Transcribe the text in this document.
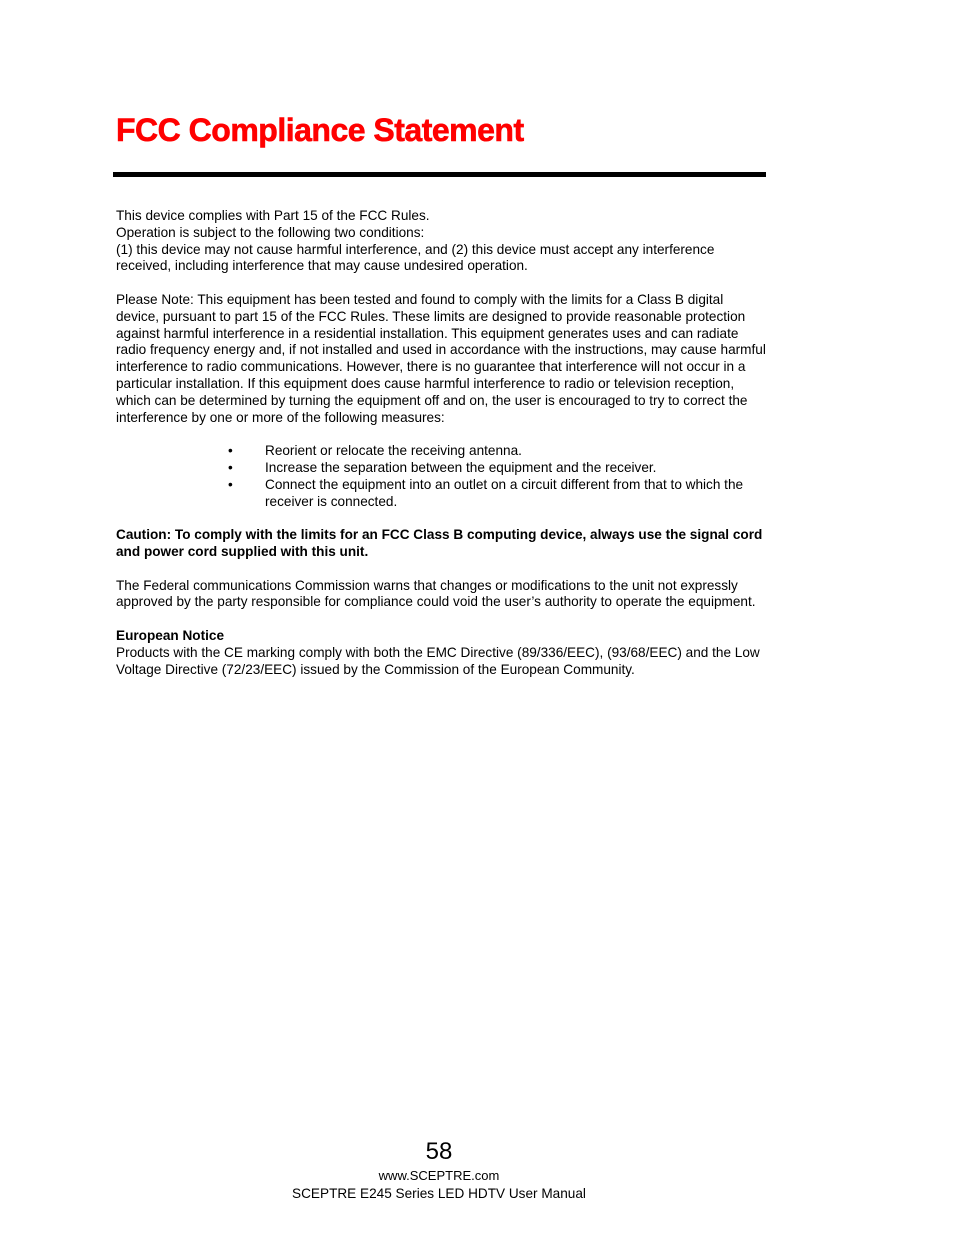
FCC Compliance Statement

This device complies with Part 15 of the FCC Rules.

Operation is subject to the following two conditions:

(1) this device may not cause harmful interference, and (2) this device must accept any interference received, including interference that may cause undesired operation.

Please Note: This equipment has been tested and found to comply with the limits for a Class B digital device, pursuant to part 15 of the FCC Rules. These limits are designed to provide reasonable protection against harmful interference in a residential installation. This equipment generates uses and can radiate radio frequency energy and, if not installed and used in accordance with the instructions, may cause harmful interference to radio communications. However, there is no guarantee that interference will not occur in a particular installation. If this equipment does cause harmful interference to radio or television reception, which can be determined by turning the equipment off and on, the user is encouraged to try to correct the interference by one or more of the following measures:

• Reorient or relocate the receiving antenna.
• Increase the separation between the equipment and the receiver.
• Connect the equipment into an outlet on a circuit different from that to which the receiver is connected.

Caution: To comply with the limits for an FCC Class B computing device, always use the signal cord and power cord supplied with this unit.

The Federal communications Commission warns that changes or modifications to the unit not expressly approved by the party responsible for compliance could void the user’s authority to operate the equipment.

European Notice

Products with the CE marking comply with both the EMC Directive (89/336/EEC), (93/68/EEC) and the Low Voltage Directive (72/23/EEC) issued by the Commission of the European Community.

58
www.SCEPTRE.com
SCEPTRE E245 Series LED HDTV User Manual
